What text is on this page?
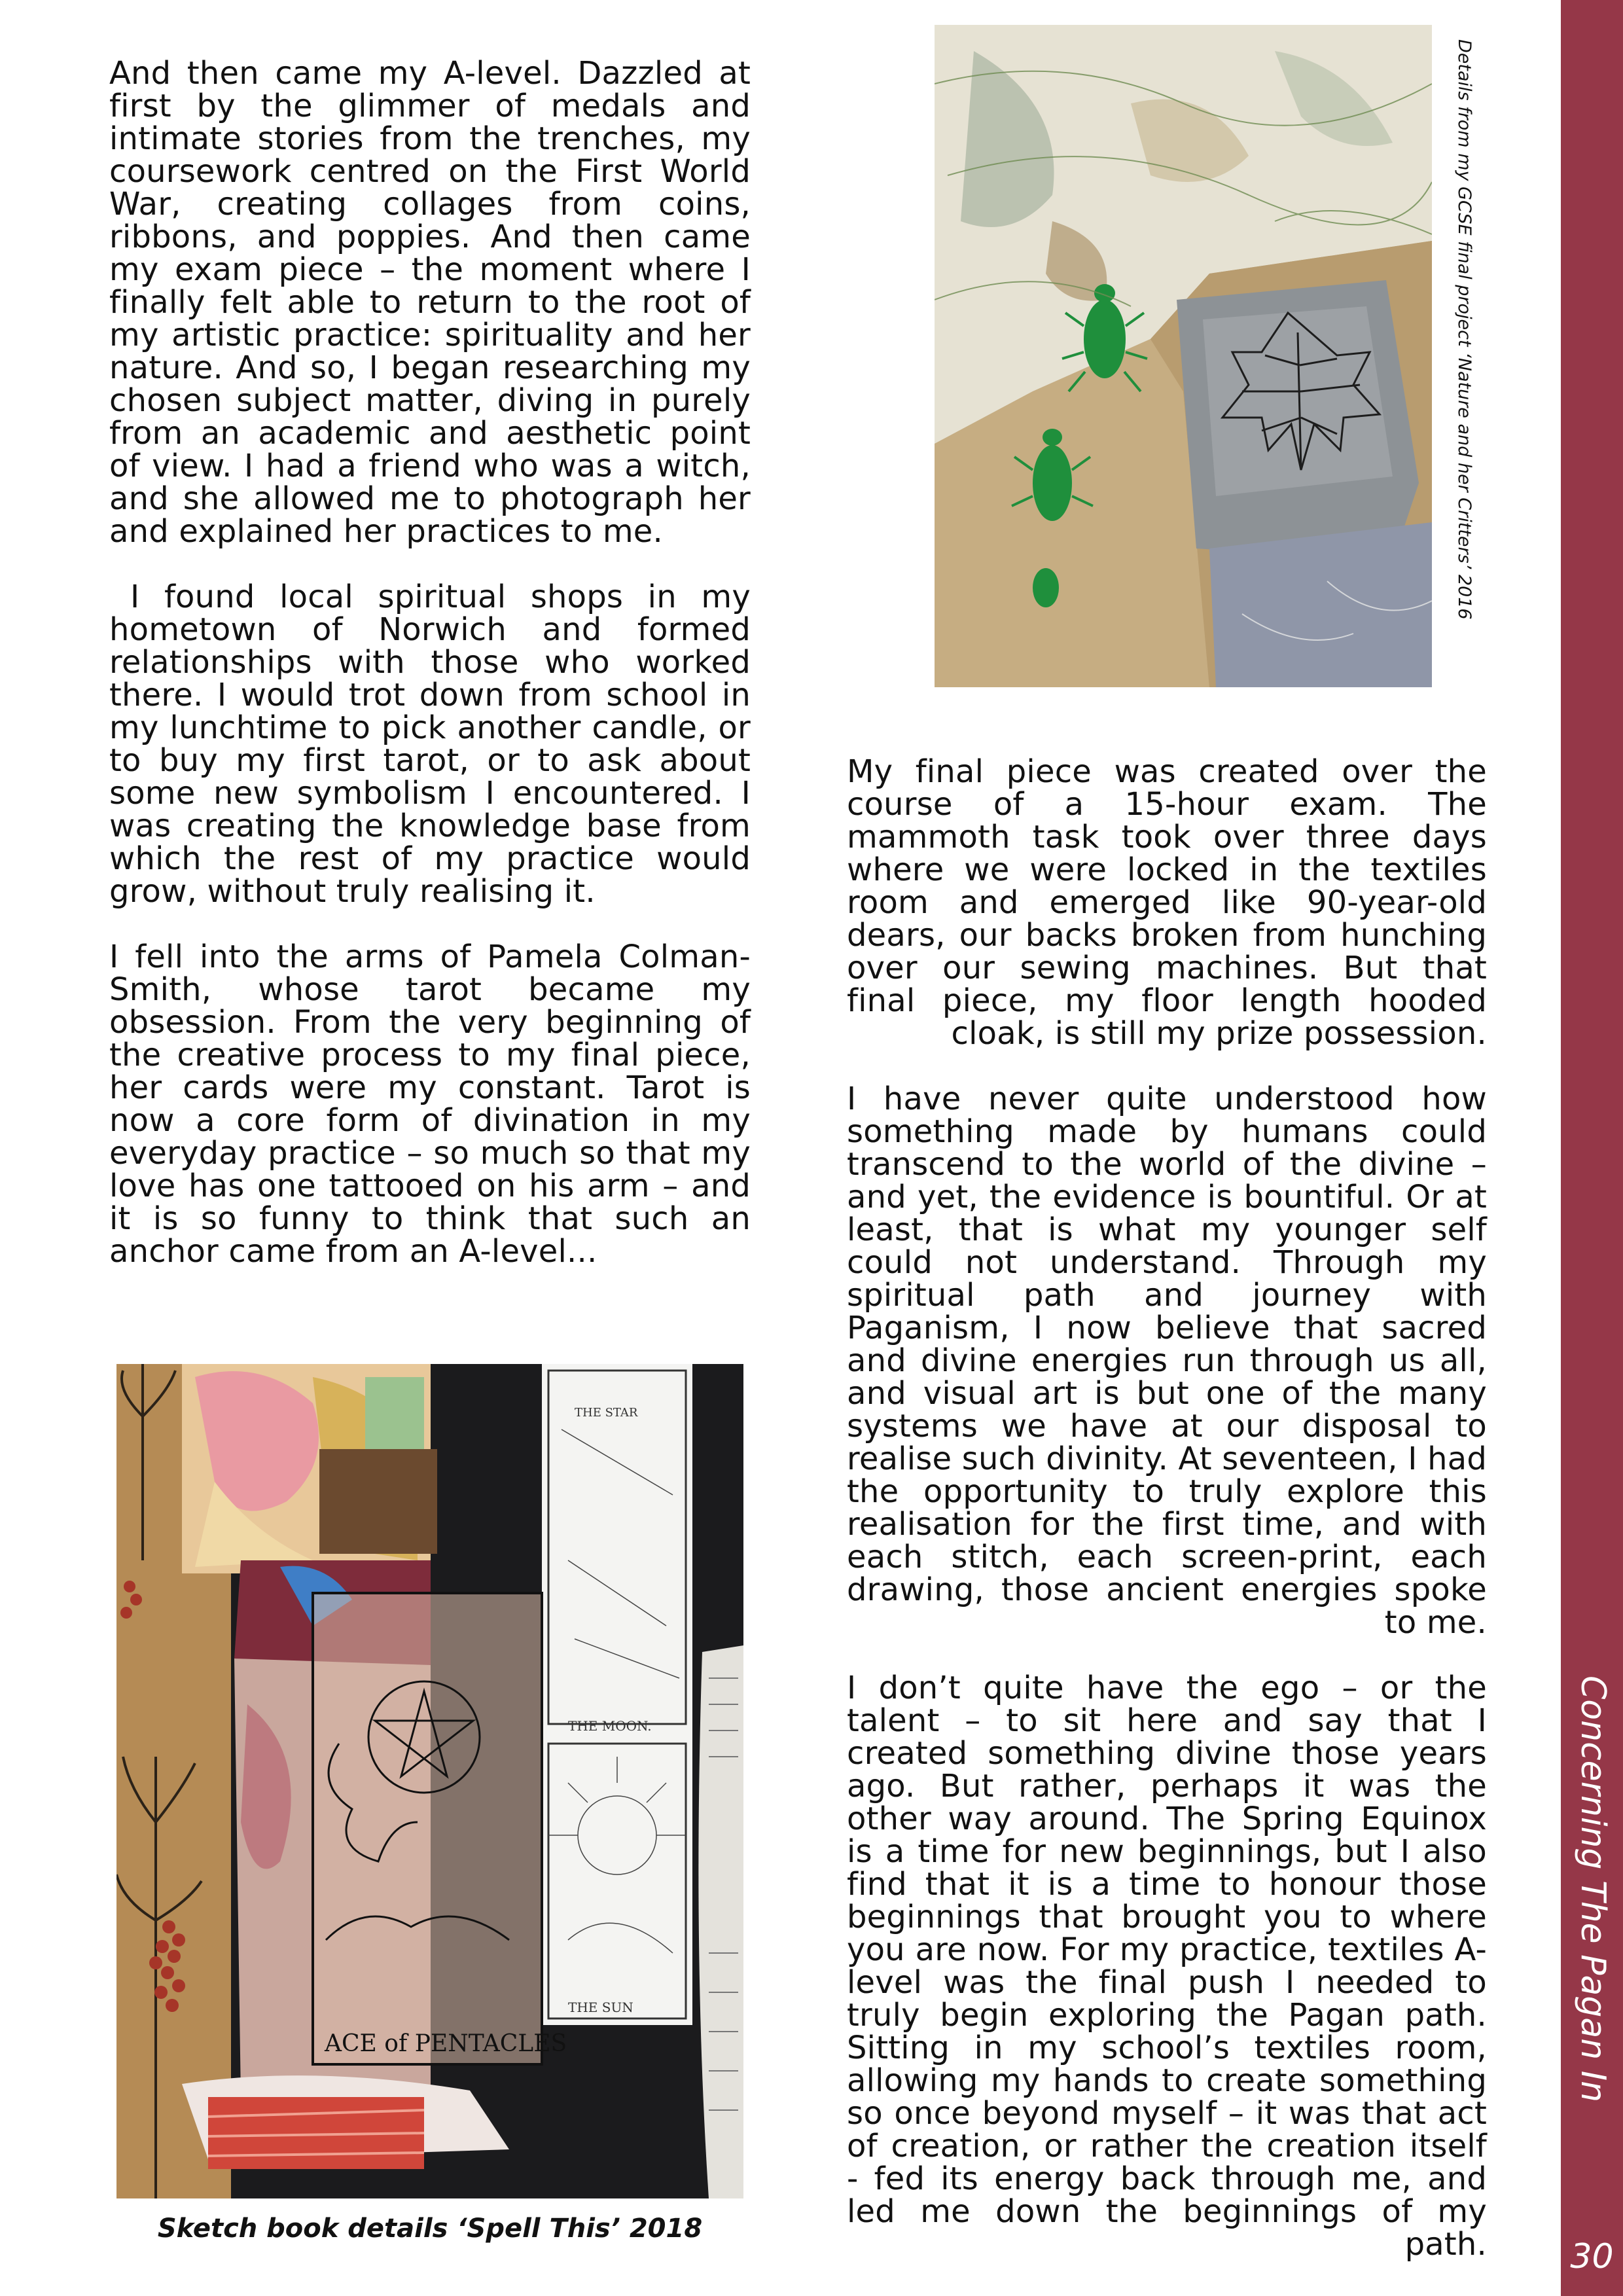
And then came my A-level. Dazzled at first by the glimmer of medals and intimate stories from the trenches, my coursework centred on the First World War, creating collages from coins, ribbons, and poppies. And then came my exam piece – the moment where I finally felt able to return to the root of my artistic practice: spirituality and her nature. And so, I began researching my chosen subject matter, diving in purely from an academic and aesthetic point of view. I had a friend who was a witch, and she allowed me to photograph her and explained her practices to me.

I found local spiritual shops in my hometown of Norwich and formed relationships with those who worked there. I would trot down from school in my lunchtime to pick another candle, or to buy my first tarot, or to ask about some new symbolism I encountered. I was creating the knowledge base from which the rest of my practice would grow, without truly realising it.

I fell into the arms of Pamela Colman-Smith, whose tarot became my obsession. From the very beginning of the creative process to my final piece, her cards were my constant. Tarot is now a core form of divination in my everyday practice – so much so that my love has one tattooed on his arm – and it is so funny to think that such an anchor came from an A-level...

My final piece was created over the course of a 15-hour exam. The mammoth task took over three days where we were locked in the textiles room and emerged like 90-year-old dears, our backs broken from hunching over our sewing machines. But that final piece, my floor length hooded cloak, is still my prize possession.

I have never quite understood how something made by humans could transcend to the world of the divine – and yet, the evidence is bountiful. Or at least, that is what my younger self could not understand. Through my spiritual path and journey with Paganism, I now believe that sacred and divine energies run through us all, and visual art is but one of the many systems we have at our disposal to realise such divinity. At seventeen, I had the opportunity to truly explore this realisation for the first time, and with each stitch, each screen-print, each drawing, those ancient energies spoke to me.

I don’t quite have the ego – or the talent – to sit here and say that I created something divine those years ago. But rather, perhaps it was the other way around. The Spring Equinox is a time for new beginnings, but I also find that it is a time to honour those beginnings that brought you to where you are now. For my practice, textiles A-level was the final push I needed to truly begin exploring the Pagan path. Sitting in my school’s textiles room, allowing my hands to create something so once beyond myself – it was that act of creation, or rather the creation itself - fed its energy back through me, and led me down the beginnings of my path.

Details from my GCSE final project ‘Nature and her Critters’ 2016
THE STAR
THE MOON.
THE SUN
ACE of PENTACLES
Sketch book details ‘Spell This’ 2018
Concerning The Pagan In Textiles
30
